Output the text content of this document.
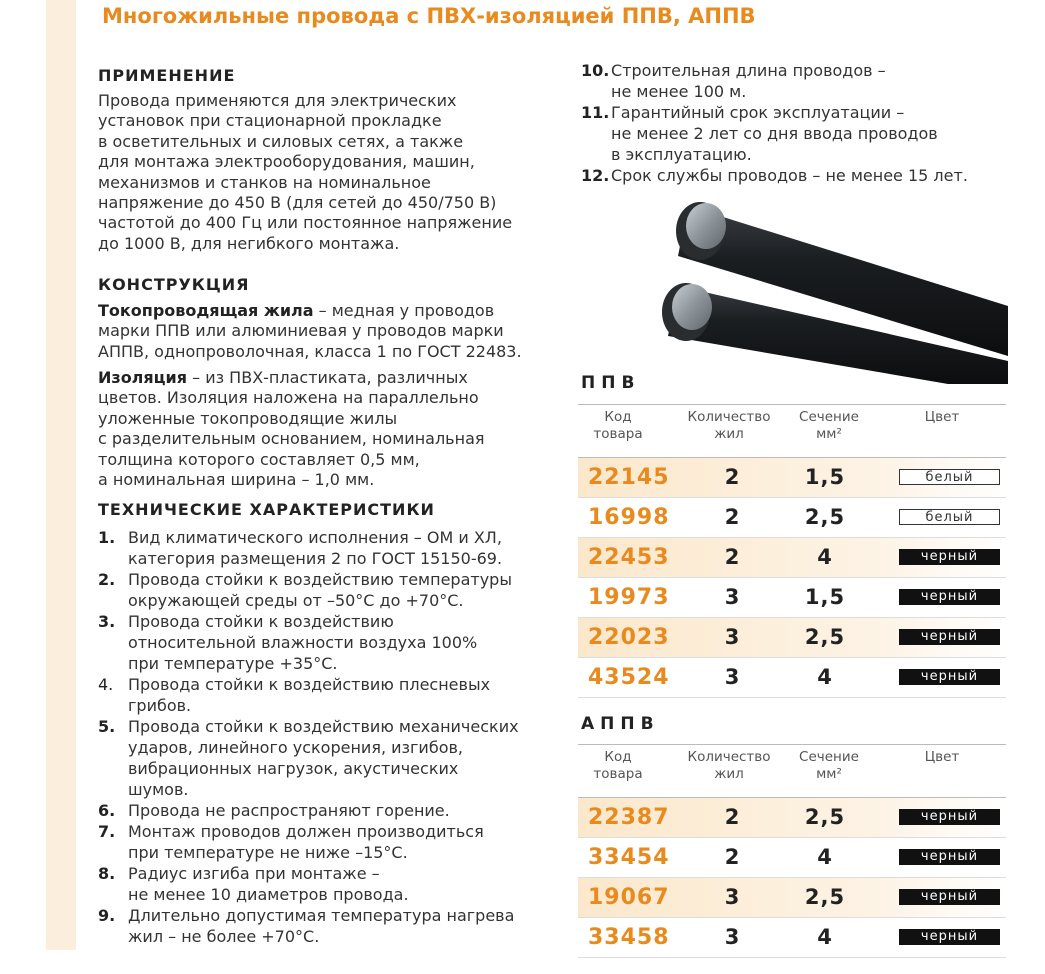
Многожильные провода с ПВХ-изоляцией ППВ, АППВ
ПРИМЕНЕНИЕ
Провода применяются для электрических
установок при стационарной прокладке
в осветительных и силовых сетях, а также
для монтажа электрооборудования, машин,
механизмов и станков на номинальное
напряжение до 450 В (для сетей до 450/750 В)
частотой до 400 Гц или постоянное напряжение
до 1000 В, для негибкого монтажа.
КОНСТРУКЦИЯ
Токопроводящая жила – медная у проводов
марки ППВ или алюминиевая у проводов марки
АППВ, однопроволочная, класса 1 по ГОСТ 22483.
Изоляция – из ПВХ-пластиката, различных
цветов. Изоляция наложена на параллельно
уложенные токопроводящие жилы
с разделительным основанием, номинальная
толщина которого составляет 0,5 мм,
а номинальная ширина – 1,0 мм.
ТЕХНИЧЕСКИЕ ХАРАКТЕРИСТИКИ
1. Вид климатического исполнения – ОМ и ХЛ,
категория размещения 2 по ГОСТ 15150-69.
2. Провода стойки к воздействию температуры
окружающей среды от –50°С до +70°С.
3. Провода стойки к воздействию
относительной влажности воздуха 100%
при температуре +35°С.
4. Провода стойки к воздействию плесневых
грибов.
5. Провода стойки к воздействию механических
ударов, линейного ускорения, изгибов,
вибрационных нагрузок, акустических
шумов.
6. Провода не распространяют горение.
7. Монтаж проводов должен производиться
при температуре не ниже –15°С.
8. Радиус изгиба при монтаже –
не менее 10 диаметров провода.
9. Длительно допустимая температура нагрева
жил – не более +70°С.
10. Строительная длина проводов –
не менее 100 м.
11. Гарантийный срок эксплуатации –
не менее 2 лет со дня ввода проводов
в эксплуатацию.
12. Срок службы проводов – не менее 15 лет.
ППВ
Код
товара
Количество
жил
Сечение
мм²
Цвет
22145	2	1,5	белый
16998	2	2,5	белый
22453	2	4	черный
19973	3	1,5	черный
22023	3	2,5	черный
43524	3	4	черный
АППВ
Код
товара
Количество
жил
Сечение
мм²
Цвет
22387	2	2,5	черный
33454	2	4	черный
19067	3	2,5	черный
33458	3	4	черный
